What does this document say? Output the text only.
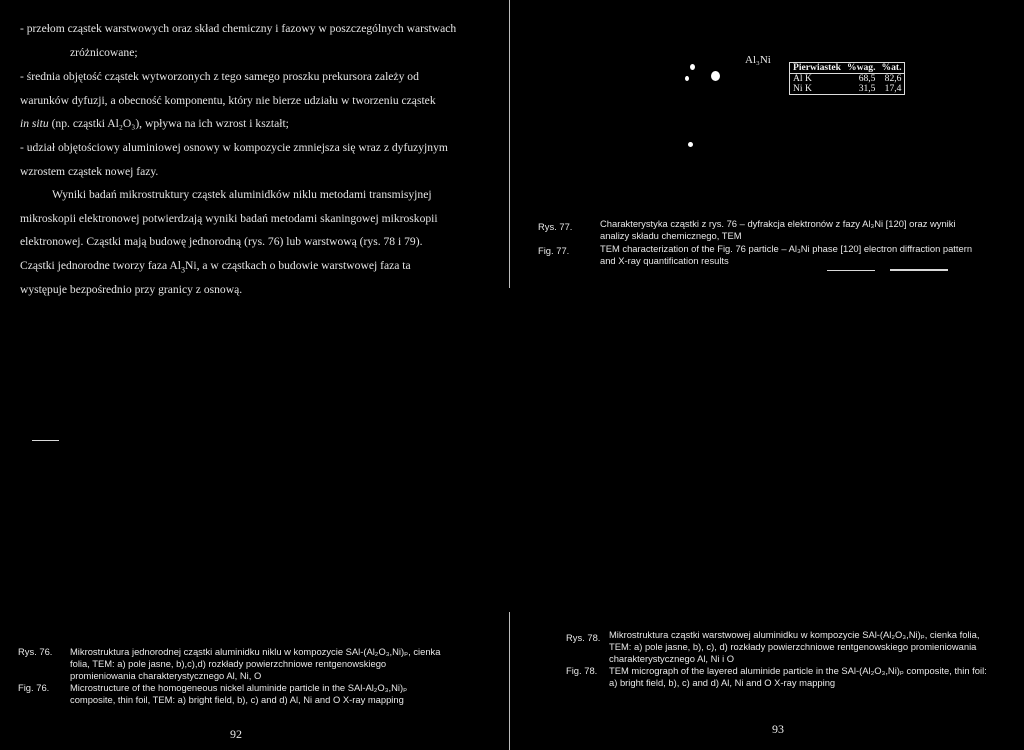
- przełom cząstek warstwowych oraz skład chemiczny i fazowy w poszczególnych warstwach
zróżnicowane;
- średnia objętość cząstek wytworzonych z tego samego proszku prekursora zależy od
warunków dyfuzji, a obecność komponentu, który nie bierze udziału w tworzeniu cząstek
in situ (np. cząstki Al₂O₃), wpływa na ich wzrost i kształt;
- udział objętościowy aluminiowej osnowy w kompozycie zmniejsza się wraz z dyfuzyjnym
wzrostem cząstek nowej fazy.
Wyniki badań mikrostruktury cząstek aluminidków niklu metodami transmisyjnej
mikroskopii elektronowej potwierdzają wyniki badań metodami skaningowej mikroskopii
elektronowej. Cząstki mają budowę jednorodną (rys. 76) lub warstwową (rys. 78 i 79).
Cząstki jednorodne tworzy faza $Al_3Ni$, a w cząstkach o budowie warstwowej faza ta
występuje bezpośrednio przy granicy z osnową.
Rys. 76. Mikrostruktura jednorodnej cząstki aluminidku niklu w kompozycie SAl-(Al₂O₃,Ni)ₚ, cienka
folia, TEM: a) pole jasne, b),c),d) rozkłady powierzchniowe rentgenowskiego
promieniowania charakterystycznego Al, Ni, O
Fig. 76. Microstructure of the homogeneous nickel aluminide particle in the SAl-Al₂O₃,Ni)ₚ
composite, thin foil, TEM: a) bright field, b), c) and d) Al, Ni and O X-ray mapping
92
Al₃Ni
Pierwiastek	%wag.	%at.
Al K	68,5	82,6
Ni K	31,5	17,4
Rys. 77.	Charakterystyka cząstki z rys. 76 – dyfrakcja elektronów z fazy Al₃Ni [120] oraz wyniki
analizy składu chemicznego, TEM
Fig. 77.	TEM characterization of the Fig. 76 particle – Al₃Ni phase [120] electron diffraction pattern
and X-ray quantification results
Rys. 78. Mikrostruktura cząstki warstwowej aluminidku w kompozycie SAl-(Al₂O₃,Ni)ₚ, cienka folia,
TEM: a) pole jasne, b), c), d) rozkłady powierzchniowe rentgenowskiego promieniowania
charakterystycznego Al, Ni i O
Fig. 78. TEM micrograph of the layered aluminide particle in the SAl-(Al₂O₃,Ni)ₚ composite, thin foil:
a) bright field, b), c) and d) Al, Ni and O X-ray mapping
93
